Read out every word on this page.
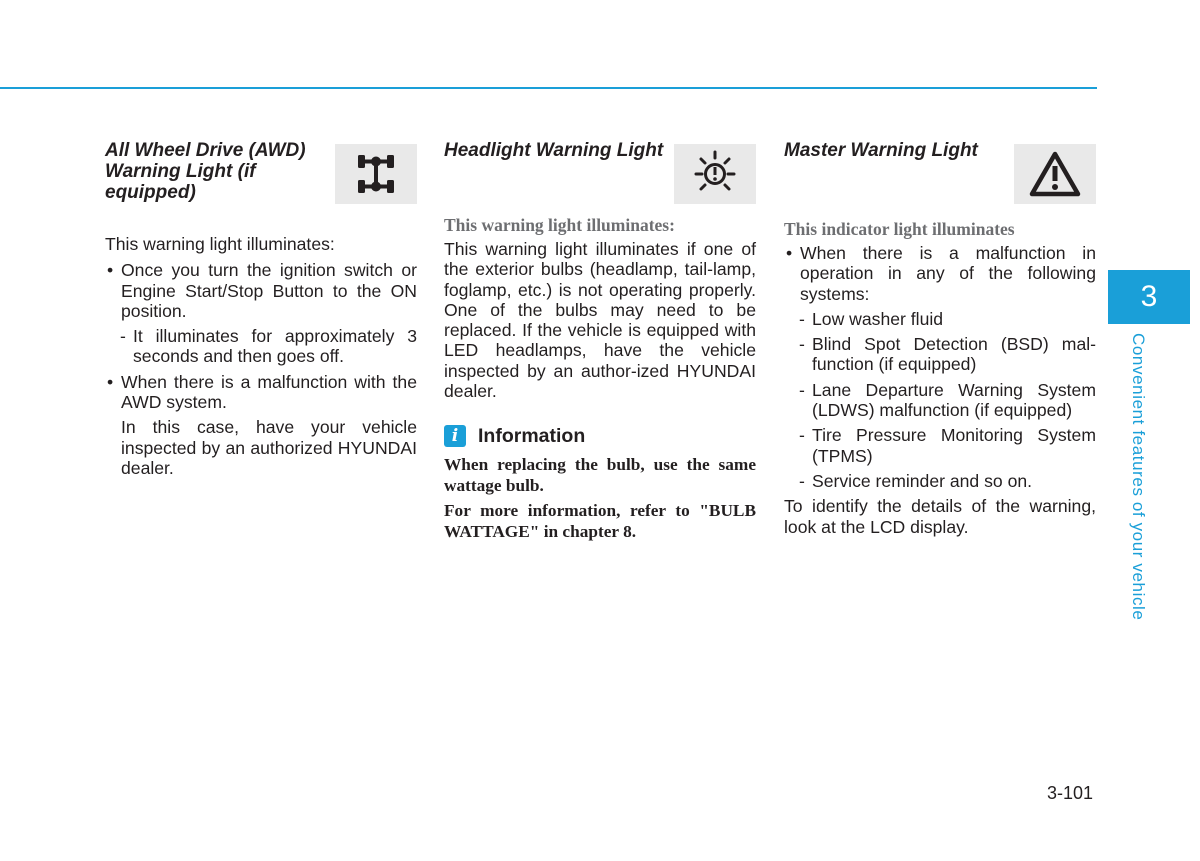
All Wheel Drive (AWD) Warning Light (if equipped)

This warning light illuminates:

• Once you turn the ignition switch or Engine Start/Stop Button to the ON position.
- It illuminates for approximately 3 seconds and then goes off.
• When there is a malfunction with the AWD system.

In this case, have your vehicle inspected by an authorized HYUNDAI dealer.

Headlight Warning Light
This warning light illuminates:

This warning light illuminates if one of the exterior bulbs (headlamp, tail-lamp, foglamp, etc.) is not operating properly. One of the bulbs may need to be replaced. If the vehicle is equipped with LED headlamps, have the vehicle inspected by an author-ized HYUNDAI dealer.

i	Information

When replacing the bulb, use the same wattage bulb.

For more information, refer to "BULB WATTAGE" in chapter 8.

Master Warning Light
This indicator light illuminates
• When there is a malfunction in operation in any of the following systems:
- Low washer fluid
- Blind Spot Detection (BSD) mal-function (if equipped)
- Lane Departure Warning System (LDWS) malfunction (if equipped)
- Tire Pressure Monitoring System (TPMS)
- Service reminder and so on.

To identify the details of the warning, look at the LCD display.

3
Convenient features of your vehicle
3-101
